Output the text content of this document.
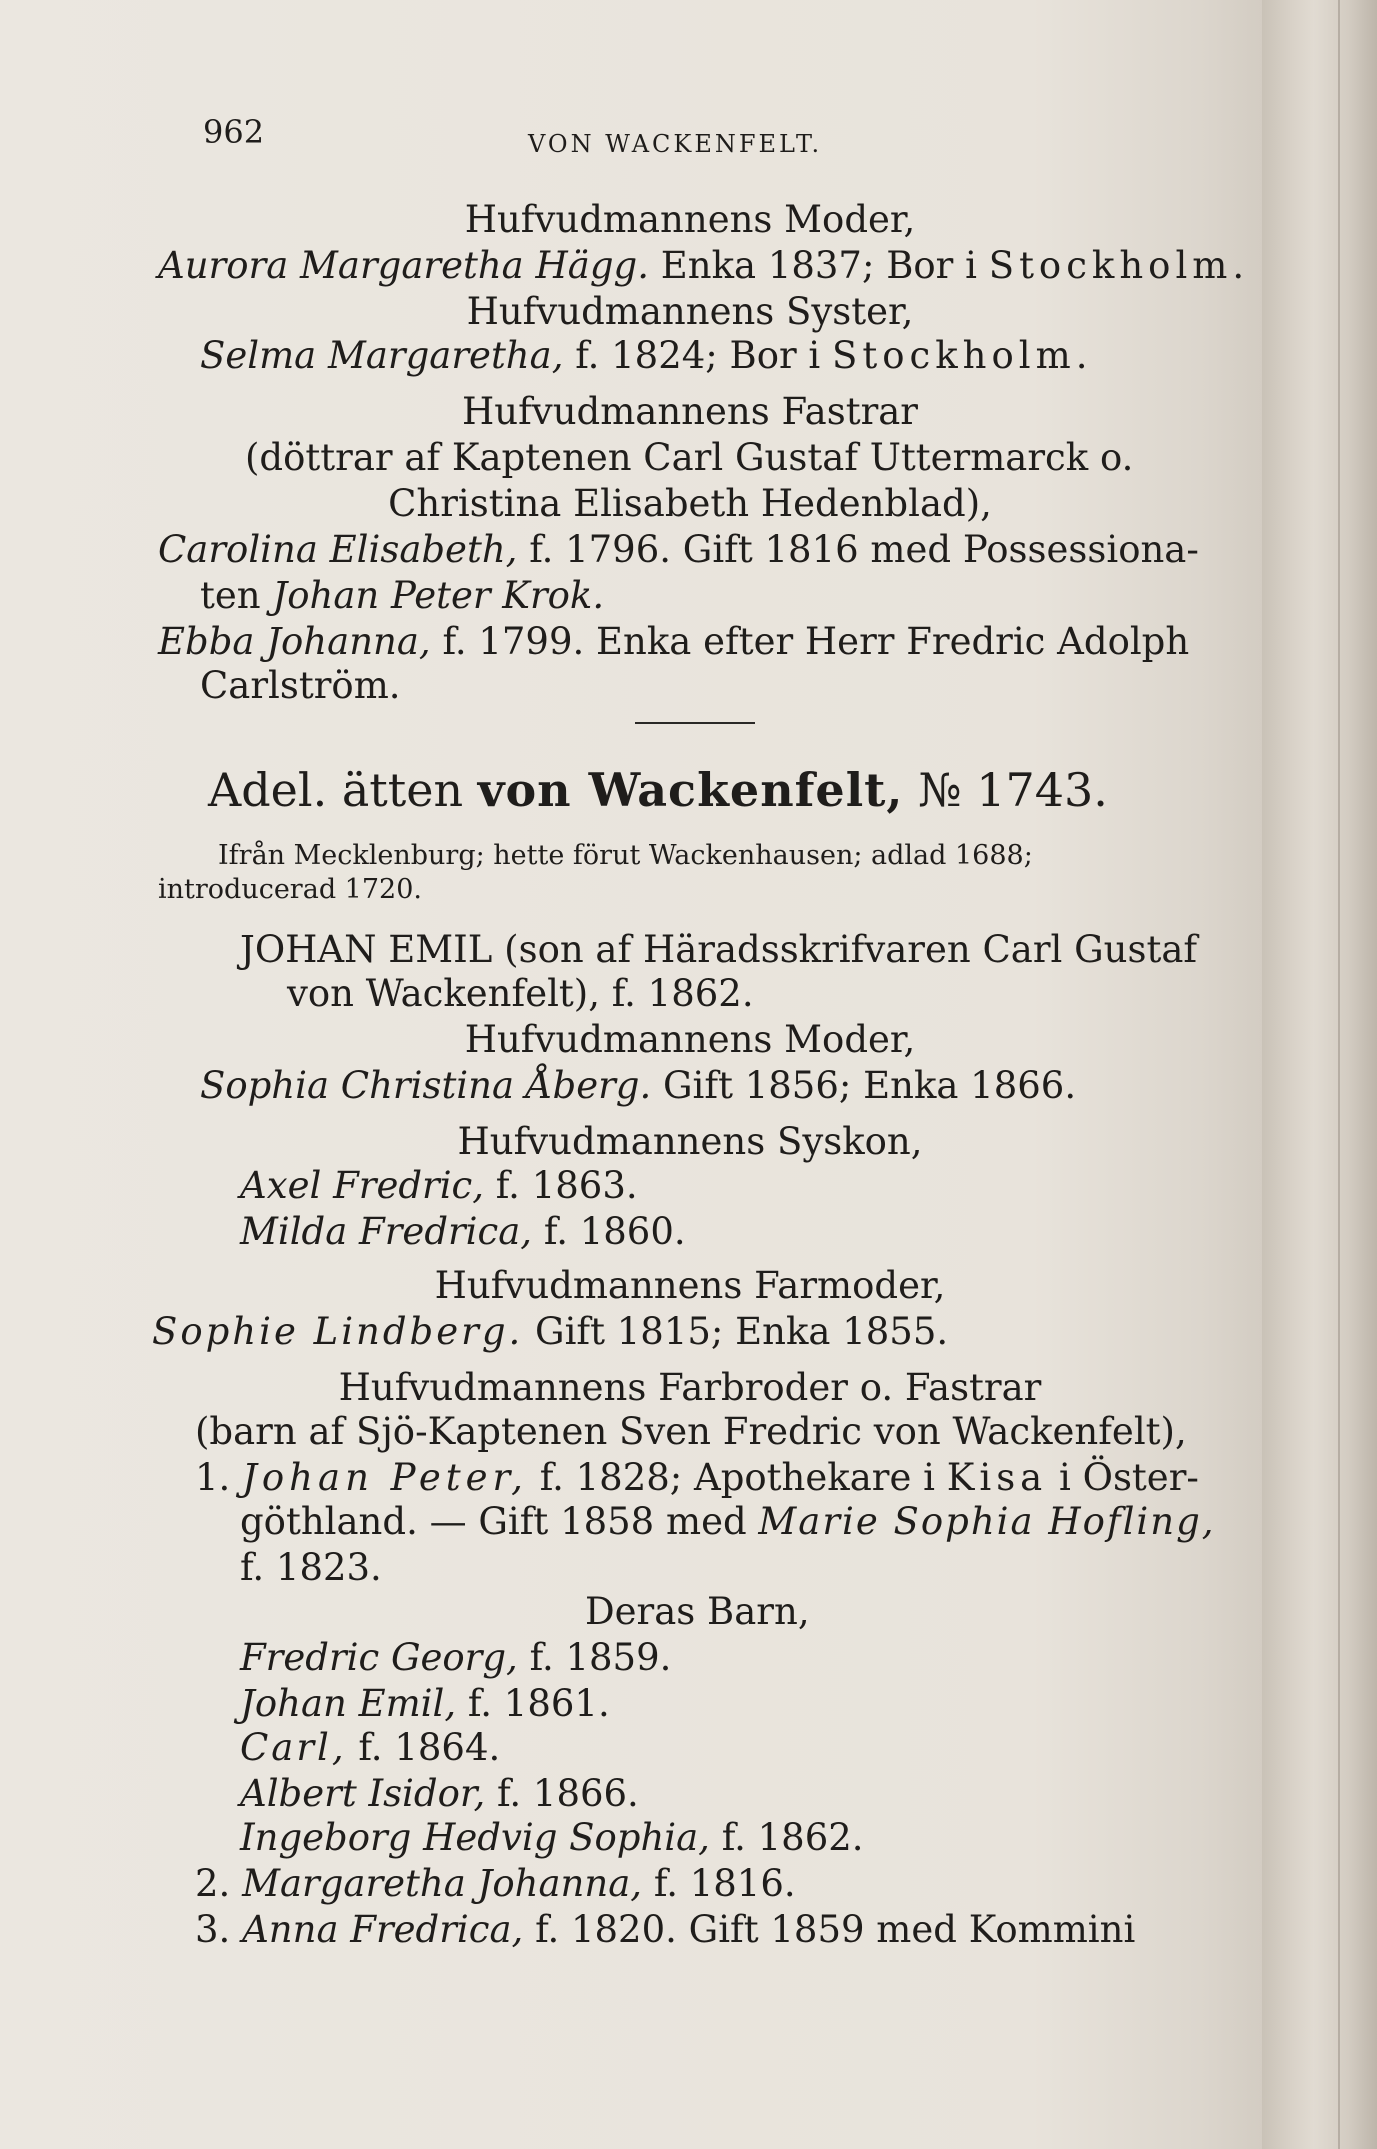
962	VON WACKENFELT.
Hufvudmannens Moder,
Aurora Margaretha Hägg. Enka 1837; Bor i Stockholm.
Hufvudmannens Syster,
Selma Margaretha, f. 1824; Bor i Stockholm.
Hufvudmannens Fastrar
(döttrar af Kaptenen Carl Gustaf Uttermarck o.
Christina Elisabeth Hedenblad),
Carolina Elisabeth, f. 1796. Gift 1816 med Possessiona-
ten Johan Peter Krok.
Ebba Johanna, f. 1799. Enka efter Herr Fredric Adolph
Carlström.
Adel. ätten von Wackenfelt, № 1743.
Ifrån Mecklenburg; hette förut Wackenhausen; adlad 1688;
introducerad 1720.
JOHAN EMIL (son af Häradsskrifvaren Carl Gustaf
von Wackenfelt), f. 1862.
Hufvudmannens Moder,
Sophia Christina Åberg. Gift 1856; Enka 1866.
Hufvudmannens Syskon,
Axel Fredric, f. 1863.
Milda Fredrica, f. 1860.
Hufvudmannens Farmoder,
Sophie Lindberg. Gift 1815; Enka 1855.
Hufvudmannens Farbroder o. Fastrar
(barn af Sjö-Kaptenen Sven Fredric von Wackenfelt),
1. Johan Peter, f. 1828; Apothekare i Kisa i Öster-
göthland. — Gift 1858 med Marie Sophia Hofling,
f. 1823.
Deras Barn,
Fredric Georg, f. 1859.
Johan Emil, f. 1861.
Carl, f. 1864.
Albert Isidor, f. 1866.
Ingeborg Hedvig Sophia, f. 1862.
2. Margaretha Johanna, f. 1816.
3. Anna Fredrica, f. 1820. Gift 1859 med Kommini
